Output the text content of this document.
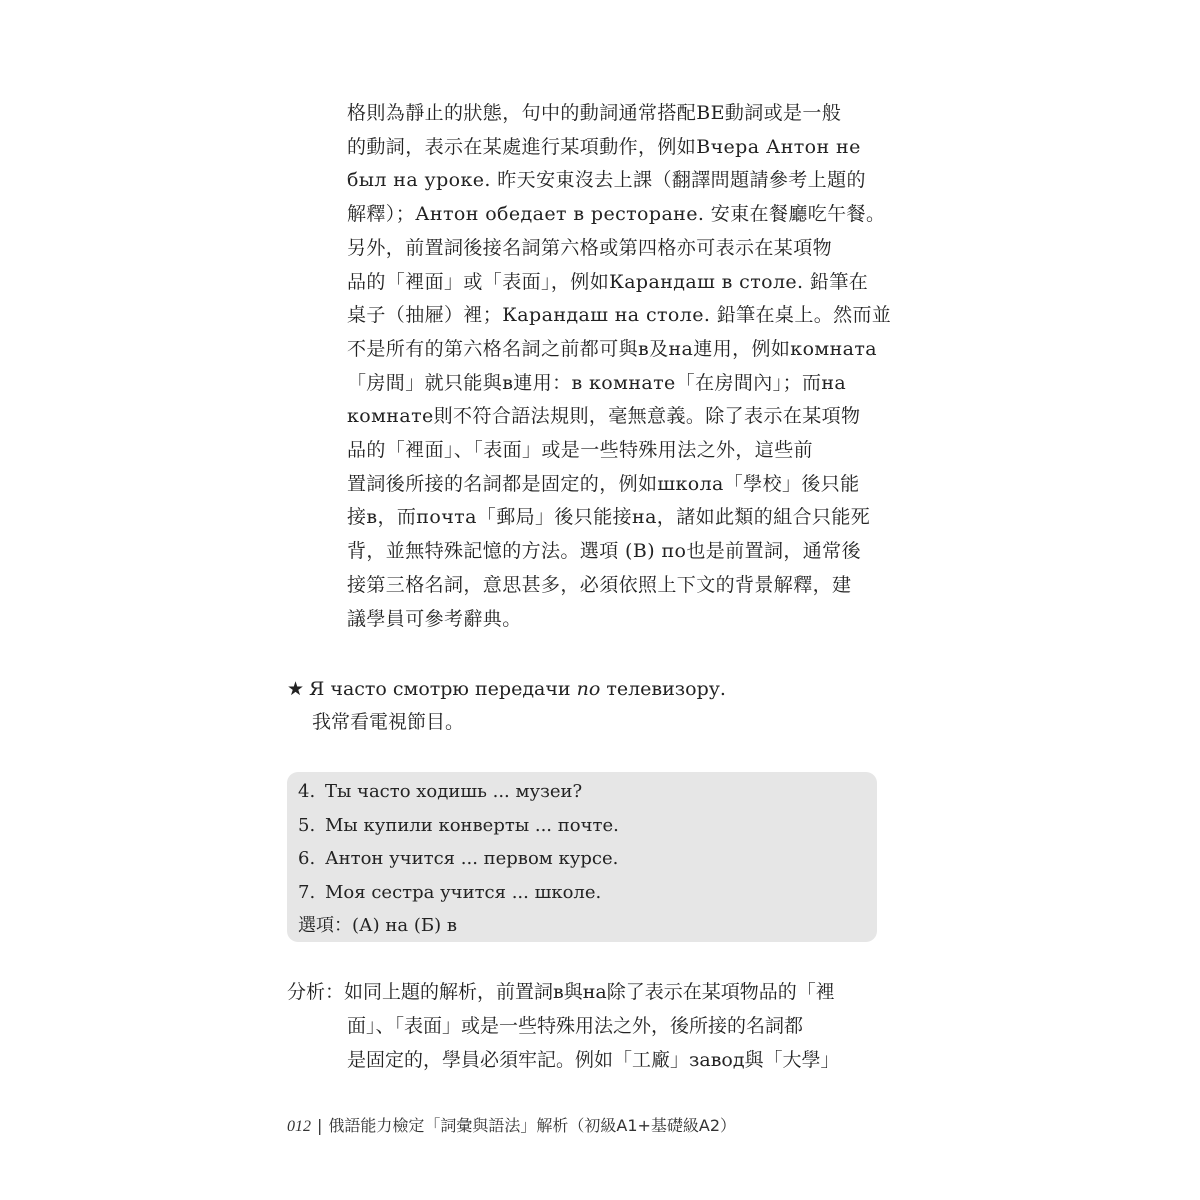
格則為靜止的狀態，句中的動詞通常搭配BE動詞或是一般
的動詞，表示在某處進行某項動作，例如Вчера Антон не
был на уроке. 昨天安東沒去上課（翻譯問題請參考上題的
解釋）；Антон обедает в ресторане. 安東在餐廳吃午餐。
另外，前置詞後接名詞第六格或第四格亦可表示在某項物
品的「裡面」或「表面」，例如Карандаш в столе. 鉛筆在
桌子（抽屜）裡；Карандаш на столе. 鉛筆在桌上。然而並
不是所有的第六格名詞之前都可與в及на連用，例如комната
「房間」就只能與в連用：в комнате「在房間內」；而на
комнате則不符合語法規則，毫無意義。除了表示在某項物
品的「裡面」、「表面」或是一些特殊用法之外，這些前
置詞後所接的名詞都是固定的，例如школа「學校」後只能
接в，而почта「郵局」後只能接на，諸如此類的組合只能死
背，並無特殊記憶的方法。選項 (B) по也是前置詞，通常後
接第三格名詞，意思甚多，必須依照上下文的背景解釋，建
議學員可參考辭典。

★ Я часто смотрю передачи по телевизору.
我常看電視節目。
4. Ты часто ходишь ... музеи?
5. Мы купили конверты ... почте.
6. Антон учится ... первом курсе.
7. Моя сестра учится ... школе.
選項：(А) на (Б) в
分析：如同上題的解析，前置詞в與на除了表示在某項物品的「裡
面」、「表面」或是一些特殊用法之外，後所接的名詞都
是固定的，學員必須牢記。例如「工廠」завод與「大學」
012 | 俄語能力檢定「詞彙與語法」解析（初級A1+基礎級A2）
